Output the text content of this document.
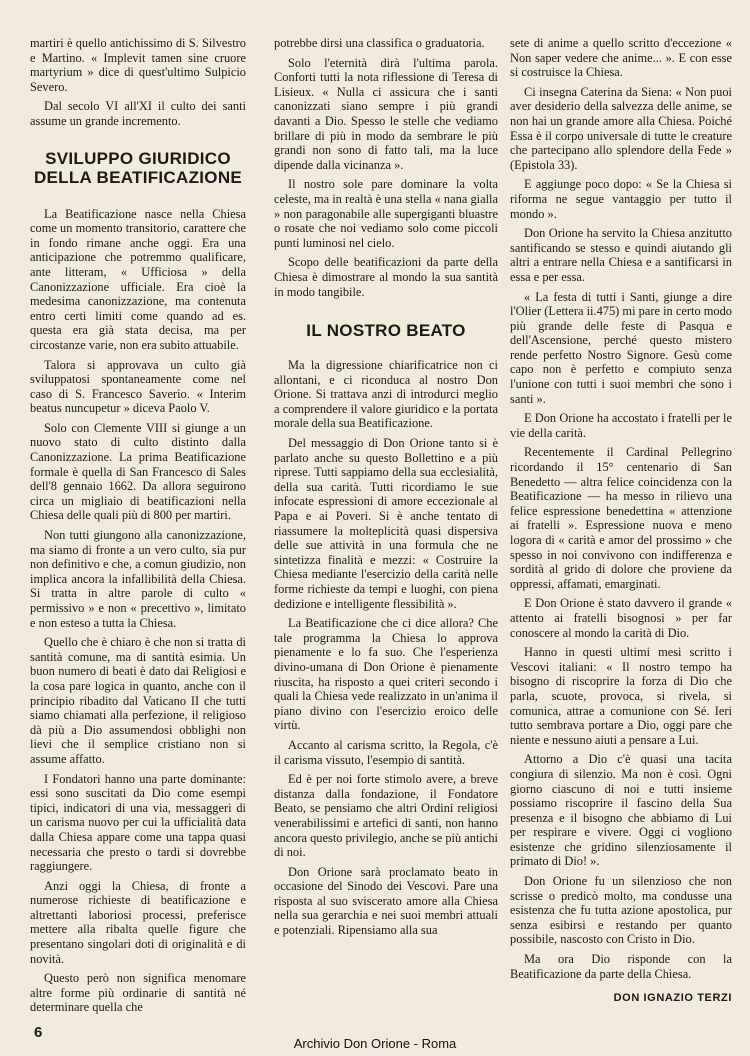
martiri è quello antichissimo di S. Silvestro e Martino. « Implevit tamen sine cruore martyrium » dice di quest'ultimo Sulpicio Severo.

Dal secolo VI all'XI il culto dei santi assume un grande incremento.

SVILUPPO GIURIDICO
DELLA BEATIFICAZIONE

La Beatificazione nasce nella Chiesa come un momento transitorio, carattere che in fondo rimane anche oggi. Era una anticipazione che potremmo qualificare, ante litteram, « Ufficiosa » della Canonizzazione ufficiale. Era cioè la medesima canonizzazione, ma contenuta entro certi limiti come quando ad es. questa era già stata decisa, ma per circostanze varie, non era subito attuabile.

Talora si approvava un culto già sviluppatosi spontaneamente come nel caso di S. Francesco Saverio. « Interim beatus nuncupetur » diceva Paolo V.

Solo con Clemente VIII si giunge a un nuovo stato di culto distinto dalla Canonizzazione. La prima Beatificazione formale è quella di San Francesco di Sales dell'8 gennaio 1662. Da allora seguirono circa un migliaio di beatificazioni nella Chiesa delle quali più di 800 per martiri.

Non tutti giungono alla canonizzazione, ma siamo di fronte a un vero culto, sia pur non definitivo e che, a comun giudizio, non implica ancora la infallibilità della Chiesa. Si tratta in altre parole di culto « permissivo » e non « precettivo », limitato e non esteso a tutta la Chiesa.

Quello che è chiaro è che non si tratta di santità comune, ma di santità esimia. Un buon numero di beati è dato dai Religiosi e la cosa pare logica in quanto, anche con il principio ribadito dal Vaticano II che tutti siamo chiamati alla perfezione, il religioso dà più a Dio assumendosi obblighi non lievi che il semplice cristiano non si assume affatto.

I Fondatori hanno una parte dominante: essi sono suscitati da Dio come esempi tipici, indicatori di una via, messaggeri di un carisma nuovo per cui la ufficialità data dalla Chiesa appare come una tappa quasi necessaria che presto o tardi si dovrebbe raggiungere.

Anzi oggi la Chiesa, di fronte a numerose richieste di beatificazione e altrettanti laboriosi processi, preferisce mettere alla ribalta quelle figure che presentano singolari doti di originalità e di novità.

Questo però non significa menomare altre forme più ordinarie di santità né determinare quella che

potrebbe dirsi una classifica o graduatoria.

Solo l'eternità dirà l'ultima parola. Conforti tutti la nota riflessione di Teresa di Lisieux. « Nulla ci assicura che i santi canonizzati siano sempre i più grandi davanti a Dio. Spesso le stelle che vediamo brillare di più in modo da sembrare le più grandi non sono di fatto tali, ma la luce dipende dalla vicinanza ».

Il nostro sole pare dominare la volta celeste, ma in realtà è una stella « nana gialla » non paragonabile alle supergiganti bluastre o rosate che noi vediamo solo come piccoli punti luminosi nel cielo.

Scopo delle beatificazioni da parte della Chiesa è dimostrare al mondo la sua santità in modo tangibile.

IL NOSTRO BEATO

Ma la digressione chiarificatrice non ci allontani, e ci riconduca al nostro Don Orione. Si trattava anzi di introdurci meglio a comprendere il valore giuridico e la portata morale della sua Beatificazione.

Del messaggio di Don Orione tanto si è parlato anche su questo Bollettino e a più riprese. Tutti sappiamo della sua ecclesialità, della sua carità. Tutti ricordiamo le sue infocate espressioni di amore eccezionale al Papa e ai Poveri. Si è anche tentato di riassumere la molteplicità quasi dispersiva delle sue attività in una formula che ne sintetizza finalità e mezzi: « Costruire la Chiesa mediante l'esercizio della carità nelle forme richieste da tempi e luoghi, con piena dedizione e intelligente flessibilità ».

La Beatificazione che ci dice allora? Che tale programma la Chiesa lo approva pienamente e lo fa suo. Che l'esperienza divino-umana di Don Orione è pienamente riuscita, ha risposto a quei criteri secondo i quali la Chiesa vede realizzato in un'anima il piano divino con l'esercizio eroico delle virtù.

Accanto al carisma scritto, la Regola, c'è il carisma vissuto, l'esempio di santità.

Ed è per noi forte stimolo avere, a breve distanza dalla fondazione, il Fondatore Beato, se pensiamo che altri Ordini religiosi venerabilissimi e artefici di santi, non hanno ancora questo privilegio, anche se più antichi di noi.

Don Orione sarà proclamato beato in occasione del Sinodo dei Vescovi. Pare una risposta al suo sviscerato amore alla Chiesa nella sua gerarchia e nei suoi membri attuali e potenziali. Ripensiamo alla sua

sete di anime a quello scritto d'eccezione « Non saper vedere che anime... ». E con esse si costruisce la Chiesa.

Ci insegna Caterina da Siena: « Non puoi aver desiderio della salvezza delle anime, se non hai un grande amore alla Chiesa. Poiché Essa è il corpo universale di tutte le creature che partecipano allo splendore della Fede » (Epistola 33).

E aggiunge poco dopo: « Se la Chiesa si riforma ne segue vantaggio per tutto il mondo ».

Don Orione ha servito la Chiesa anzitutto santificando se stesso e quindi aiutando gli altri a entrare nella Chiesa e a santificarsi in essa e per essa.

« La festa di tutti i Santi, giunge a dire l'Olier (Lettera ii.475) mi pare in certo modo più grande delle feste di Pasqua e dell'Ascensione, perché questo mistero rende perfetto Nostro Signore. Gesù come capo non è perfetto e compiuto senza l'unione con tutti i suoi membri che sono i santi ».

E Don Orione ha accostato i fratelli per le vie della carità.

Recentemente il Cardinal Pellegrino ricordando il 15° centenario di San Benedetto — altra felice coincidenza con la Beatificazione — ha messo in rilievo una felice espressione benedettina « attenzione ai fratelli ». Espressione nuova e meno logora di « carità e amor del prossimo » che spesso in noi convivono con indifferenza e sordità al grido di dolore che proviene da oppressi, affamati, emarginati.

E Don Orione è stato davvero il grande « attento ai fratelli bisognosi » per far conoscere al mondo la carità di Dio.

Hanno in questi ultimi mesi scritto i Vescovi italiani: « Il nostro tempo ha bisogno di riscoprire la forza di Dio che parla, scuote, provoca, si rivela, si comunica, attrae a comunione con Sé. Ieri tutto sembrava portare a Dio, oggi pare che niente e nessuno aiuti a pensare a Lui.

Attorno a Dio c'è quasi una tacita congiura di silenzio. Ma non è così. Ogni giorno ciascuno di noi e tutti insieme possiamo riscoprire il fascino della Sua presenza e il bisogno che abbiamo di Lui per respirare e vivere. Oggi ci vogliono esistenze che gridino silenziosamente il primato di Dio! ».

Don Orione fu un silenzioso che non scrisse o predicò molto, ma condusse una esistenza che fu tutta azione apostolica, pur senza esibirsi e restando per quanto possibile, nascosto con Cristo in Dio.

Ma ora Dio risponde con la Beatificazione da parte della Chiesa.

DON IGNAZIO TERZI
6
Archivio Don Orione - Roma
